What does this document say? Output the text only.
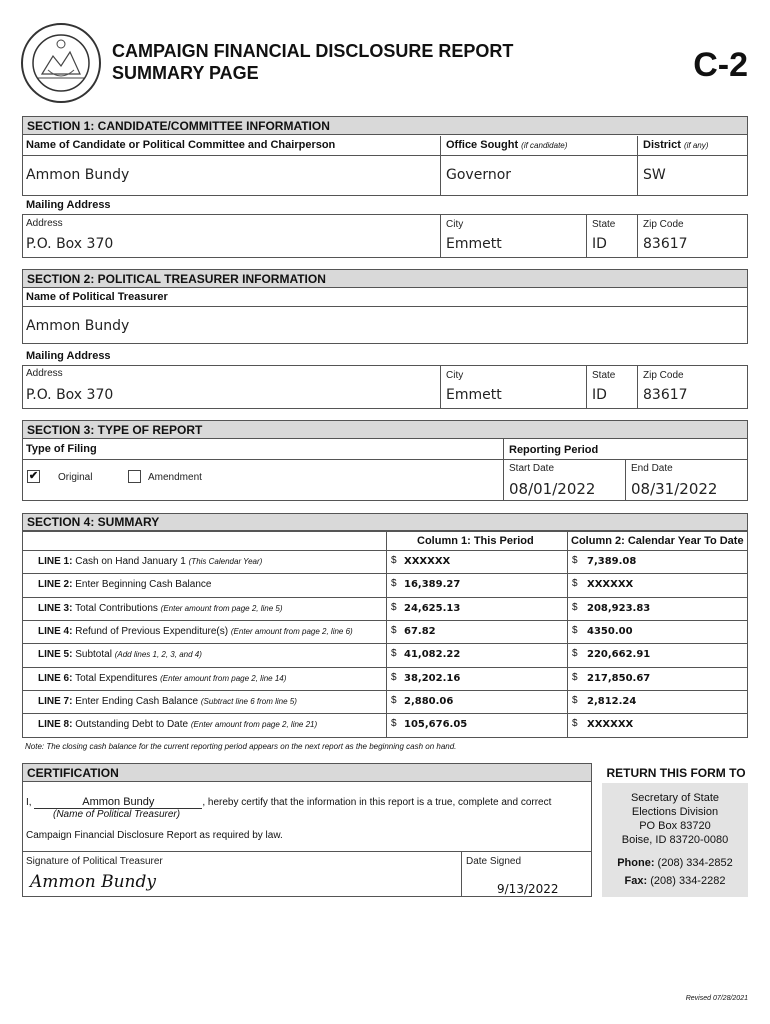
CAMPAIGN FINANCIAL DISCLOSURE REPORT
SUMMARY PAGE	C-2
SECTION 1: CANDIDATE/COMMITTEE INFORMATION
Name of Candidate or Political Committee and Chairperson	Office Sought (if candidate)	District (if any)
Ammon Bundy	Governor	SW
Mailing Address
Address	City	State	Zip Code
P.O. Box 370	Emmett	ID	83617
SECTION 2: POLITICAL TREASURER INFORMATION
Name of Political Treasurer
Ammon Bundy
Mailing Address
Address	City	State	Zip Code
P.O. Box 370	Emmett	ID	83617
SECTION 3: TYPE OF REPORT
Type of Filing	Reporting Period
✔ Original	Amendment
Start Date	End Date
08/01/2022 08/31/2022
SECTION 4: SUMMARY
Column 1: This Period	Column 2: Calendar Year To Date
LINE 1: Cash on Hand January 1 (This Calendar Year)	$ XXXXXX	$ 7,389.08
LINE 2: Enter Beginning Cash Balance	$ 16,389.27	$ XXXXXX
LINE 3: Total Contributions (Enter amount from page 2, line 5)	$ 24,625.13	$ 208,923.83
LINE 4: Refund of Previous Expenditure(s) (Enter amount from page 2, line 6)	$ 67.82	$ 4350.00
LINE 5: Subtotal (Add lines 1, 2, 3, and 4)	$ 41,082.22	$ 220,662.91
LINE 6: Total Expenditures (Enter amount from page 2, line 14)	$ 38,202.16	$ 217,850.67
LINE 7: Enter Ending Cash Balance (Subtract line 6 from line 5)	$ 2,880.06	$ 2,812.24
LINE 8: Outstanding Debt to Date (Enter amount from page 2, line 21)	$ 105,676.05	$ XXXXXX
Note: The closing cash balance for the current reporting period appears on the next report as the beginning cash on hand.
CERTIFICATION
I,	Ammon Bundy	, hereby certify that the information in this report is a true, complete and correct
(Name of Political Treasurer)
Campaign Financial Disclosure Report as required by law.
Signature of Political Treasurer
Ammon Bundy
Date Signed
9/13/2022
RETURN THIS FORM TO
Secretary of State
Elections Division
PO Box 83720
Boise, ID 83720-0080
Phone: (208) 334-2852
Fax: (208) 334-2282
Revised 07/28/2021
